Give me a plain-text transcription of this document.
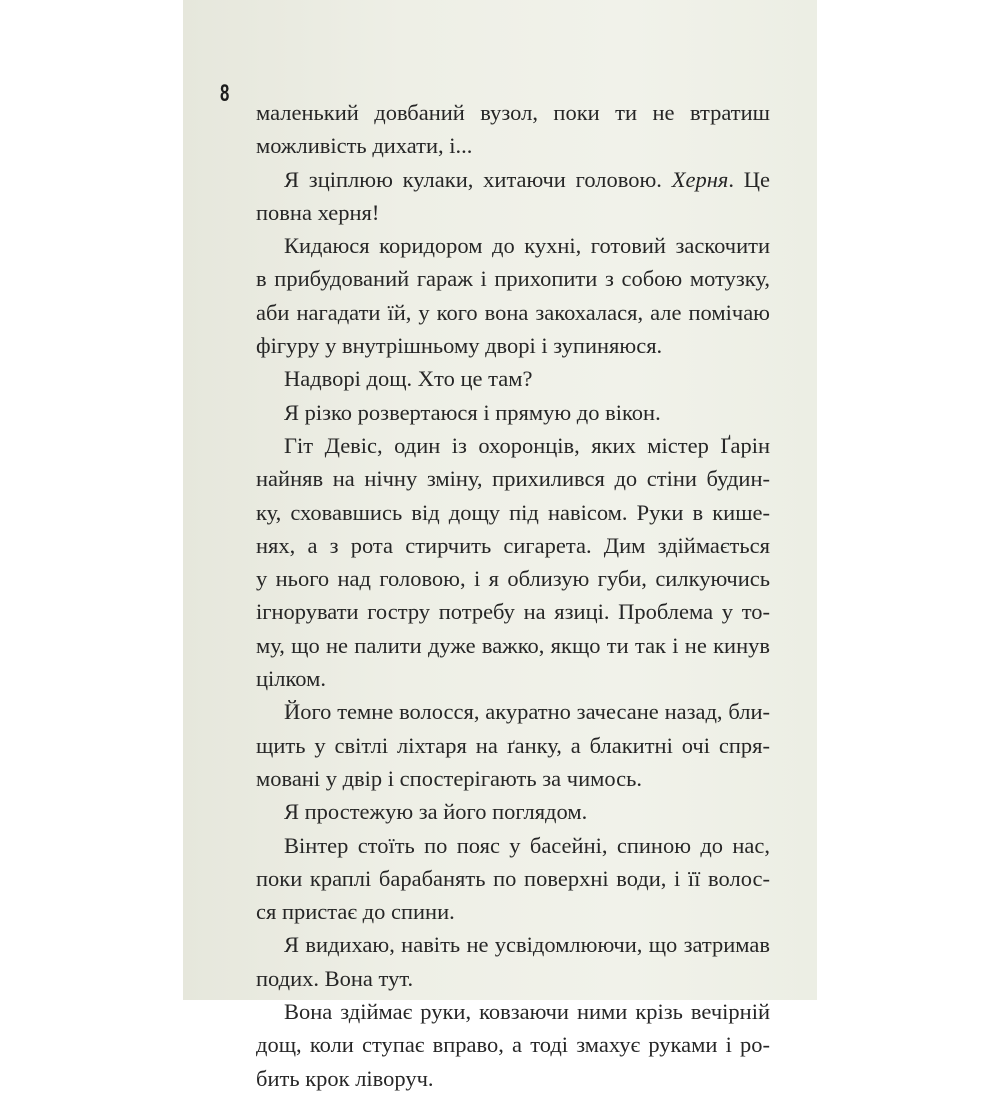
8
маленький довбаний вузол, поки ти не втратиш
можливість дихати, і...
Я зціплюю кулаки, хитаючи головою. Херня. Це
повна херня!
Кидаюся коридором до кухні, готовий заскочити
в прибудований гараж і прихопити з собою мотузку,
аби нагадати їй, у кого вона закохалася, але помічаю
фігуру у внутрішньому дворі і зупиняюся.
Надворі дощ. Хто це там?
Я різко розвертаюся і прямую до вікон.
Гіт Девіс, один із охоронців, яких містер Ґарін
найняв на нічну зміну, прихилився до стіни будин-
ку, сховавшись від дощу під навісом. Руки в кише-
нях, а з рота стирчить сигарета. Дим здіймається
у нього над головою, і я облизую губи, силкуючись
ігнорувати гостру потребу на язиці. Проблема у то-
му, що не палити дуже важко, якщо ти так і не кинув
цілком.
Його темне волосся, акуратно зачесане назад, бли-
щить у світлі ліхтаря на ґанку, а блакитні очі спря-
мовані у двір і спостерігають за чимось.
Я простежую за його поглядом.
Вінтер стоїть по пояс у басейні, спиною до нас,
поки краплі барабанять по поверхні води, і її волос-
ся пристає до спини.
Я видихаю, навіть не усвідомлюючи, що затримав
подих. Вона тут.
Вона здіймає руки, ковзаючи ними крізь вечірній
дощ, коли ступає вправо, а тоді змахує руками і ро-
бить крок ліворуч.
